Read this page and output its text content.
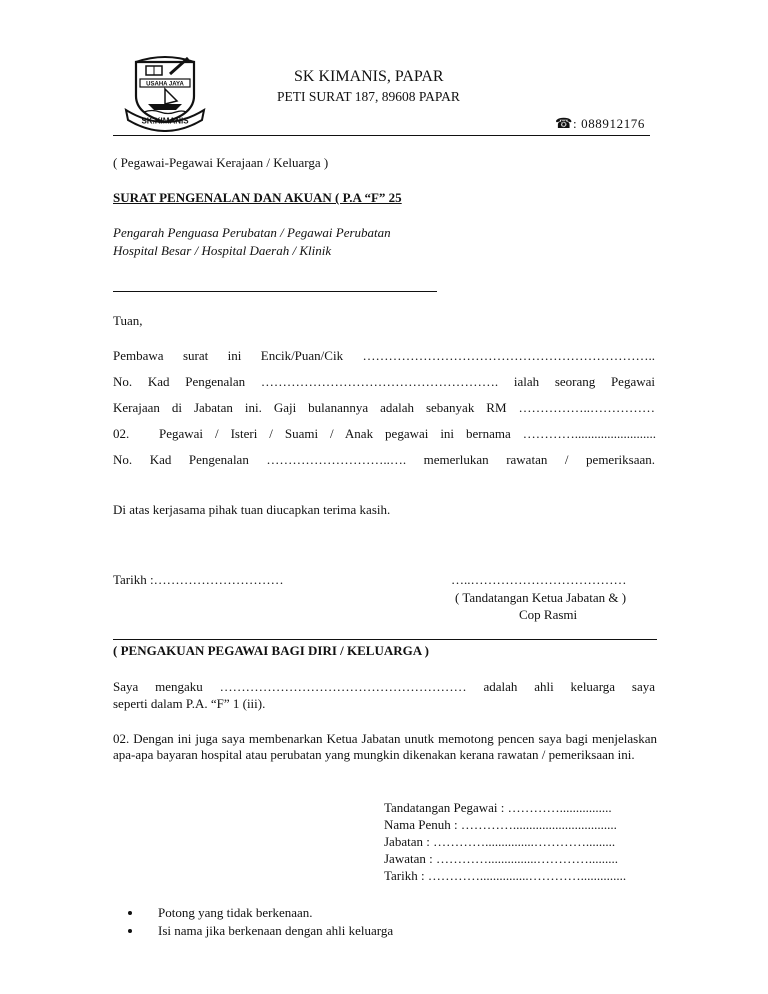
USAHA JAYA
SK.KIMANIS
SK KIMANIS, PAPAR
PETI SURAT 187, 89608 PAPAR
☎: 088912176
( Pegawai-Pegawai Kerajaan / Keluarga )
SURAT PENGENALAN DAN AKUAN ( P.A “F” 25
Pengarah Penguasa Perubatan / Pegawai Perubatan
Hospital Besar / Hospital Daerah / Klinik
Tuan,
Pembawa surat ini Encik/Puan/Cik …………………………………………………………..
No. Kad Pengenalan ………………………………………………. ialah seorang Pegawai
Kerajaan di Jabatan ini. Gaji bulanannya adalah sebanyak RM ……………..……………
02. Pegawai / Isteri / Suami / Anak pegawai ini bernama ………….........................
No. Kad Pengenalan ………………………..…. memerlukan rawatan / pemeriksaan.
Di atas kerjasama pihak tuan diucapkan terima kasih.
Tarikh :…………………………	…..………………………………
( Tandatangan Ketua Jabatan & )
Cop Rasmi
( PENGAKUAN PEGAWAI BAGI DIRI / KELUARGA )
Saya mengaku ………………………………………………… adalah ahli keluarga saya
seperti dalam P.A. “F” 1 (iii).
02. Dengan ini juga saya membenarkan Ketua Jabatan unutk memotong pencen saya bagi menjelaskan apa-apa bayaran hospital atau perubatan yang mungkin dikenakan kerana rawatan / pemeriksaan ini.
Tandatangan Pegawai : …………................
Nama Penuh : …………................................
Jabatan : …………...............………….........
Jawatan : …………...............………….........
Tarikh : …………...............…………..............
• Potong yang tidak berkenaan.
• Isi nama jika berkenaan dengan ahli keluarga
